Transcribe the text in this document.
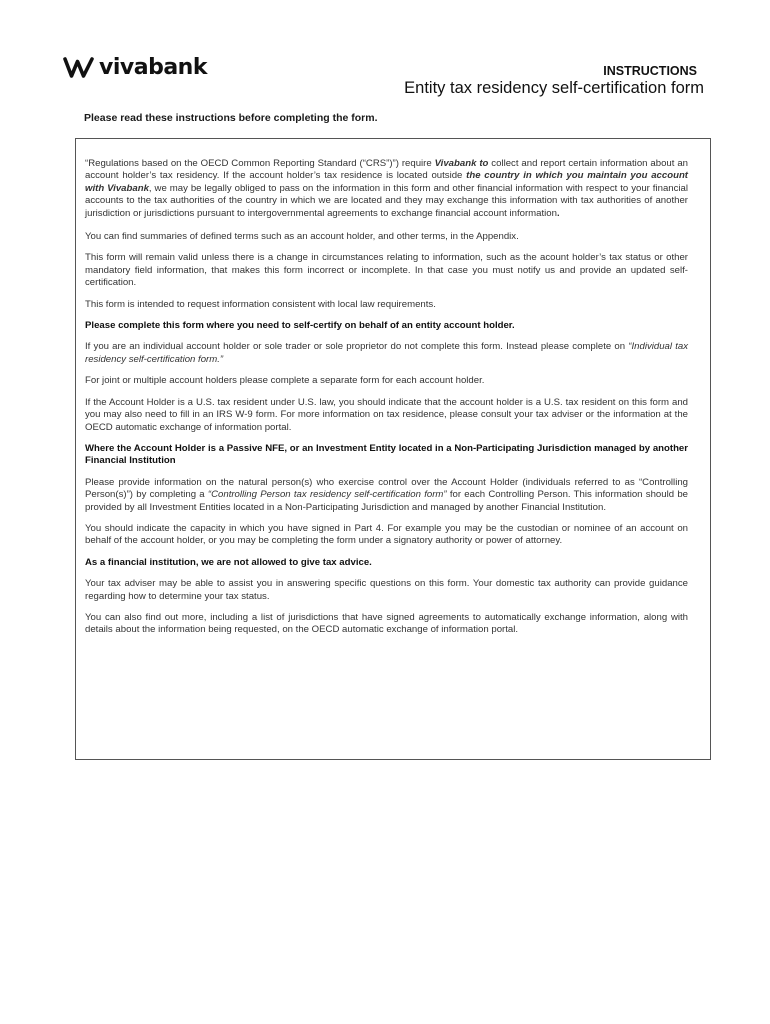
vivabank	INSTRUCTIONS
Entity tax residency self-certification form
Please read these instructions before completing the form.

“Regulations based on the OECD Common Reporting Standard (“CRS”)”) require Vivabank to collect and report certain information about an account holder’s tax residency. If the account holder’s tax residence is located outside the country in which you maintain you account with Vivabank, we may be legally obliged to pass on the information in this form and other financial information with respect to your financial accounts to the tax authorities of the country in which we are located and they may exchange this information with tax authorities of another jurisdiction or jurisdictions pursuant to intergovernmental agreements to exchange financial account information.

You can find summaries of defined terms such as an account holder, and other terms, in the Appendix.

This form will remain valid unless there is a change in circumstances relating to information, such as the acount holder’s tax status or other mandatory field information, that makes this form incorrect or incomplete. In that case you must notify us and provide an updated self-certification.

This form is intended to request information consistent with local law requirements.

Please complete this form where you need to self-certify on behalf of an entity account holder.

If you are an individual account holder or sole trader or sole proprietor do not complete this form. Instead please complete on “Individual tax residency self-certification form.”

For joint or multiple account holders please complete a separate form for each account holder.

If the Account Holder is a U.S. tax resident under U.S. law, you should indicate that the account holder is a U.S. tax resident on this form and you may also need to fill in an IRS W-9 form. For more information on tax residence, please consult your tax adviser or the information at the OECD automatic exchange of information portal.

Where the Account Holder is a Passive NFE, or an Investment Entity located in a Non-Participating Jurisdiction managed by another Financial Institution

Please provide information on the natural person(s) who exercise control over the Account Holder (individuals referred to as “Controlling Person(s)”) by completing a “Controlling Person tax residency self-certification form” for each Controlling Person. This information should be provided by all Investment Entities located in a Non-Participating Jurisdiction and managed by another Financial Institution.

You should indicate the capacity in which you have signed in Part 4. For example you may be the custodian or nominee of an account on behalf of the account holder, or you may be completing the form under a signatory authority or power of attorney.

As a financial institution, we are not allowed to give tax advice.

Your tax adviser may be able to assist you in answering specific questions on this form. Your domestic tax authority can provide guidance regarding how to determine your tax status.

You can also find out more, including a list of jurisdictions that have signed agreements to automatically exchange information, along with details about the information being requested, on the OECD automatic exchange of information portal.
